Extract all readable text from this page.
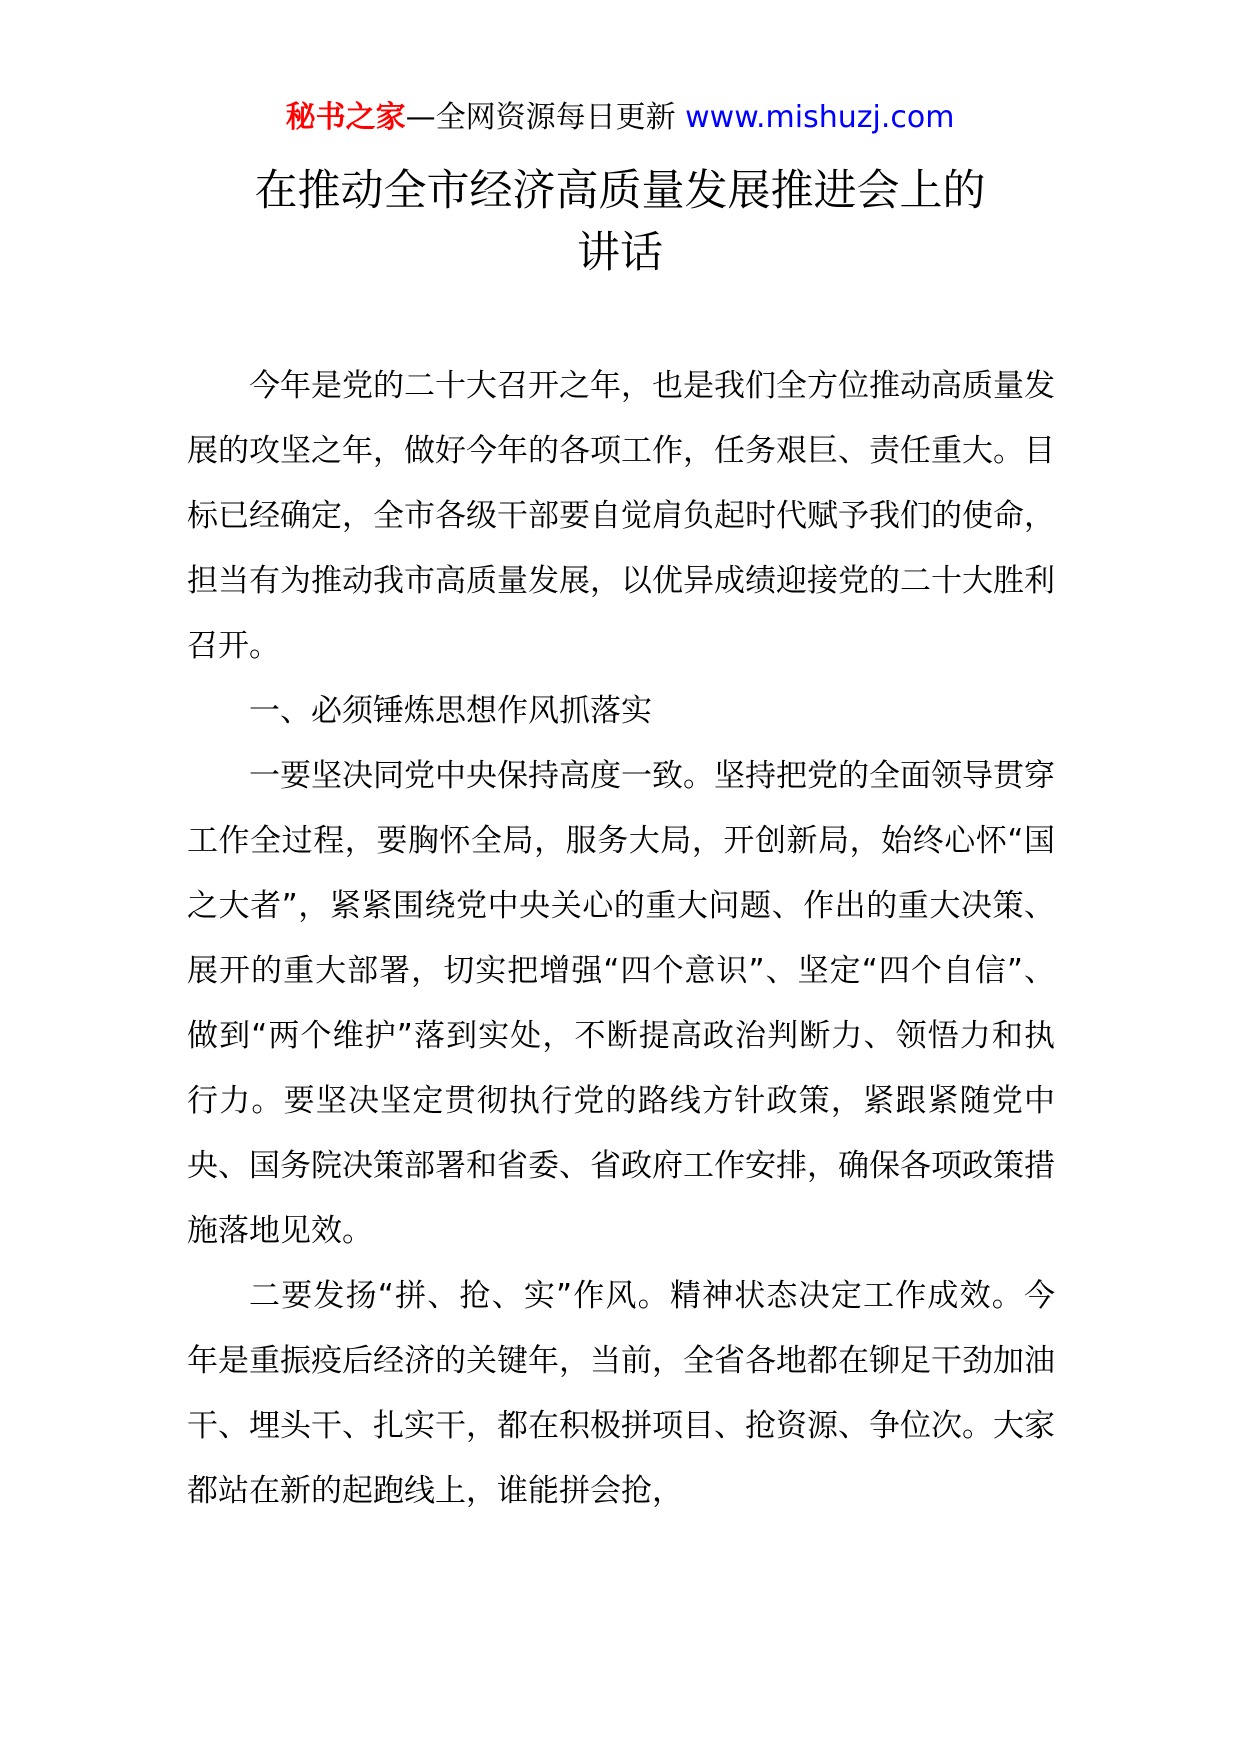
秘书之家—全网资源每日更新 www.mishuzj.com
在推动全市经济高质量发展推进会上的
讲话

今年是党的二十大召开之年，也是我们全方位推动高质量发展的攻坚之年，做好今年的各项工作，任务艰巨、责任重大。目标已经确定，全市各级干部要自觉肩负起时代赋予我们的使命，担当有为推动我市高质量发展，以优异成绩迎接党的二十大胜利召开。

一、必须锤炼思想作风抓落实

一要坚决同党中央保持高度一致。坚持把党的全面领导贯穿工作全过程，要胸怀全局，服务大局，开创新局，始终心怀“国之大者”，紧紧围绕党中央关心的重大问题、作出的重大决策、展开的重大部署，切实把增强“四个意识”、坚定“四个自信”、做到“两个维护”落到实处，不断提高政治判断力、领悟力和执行力。要坚决坚定贯彻执行党的路线方针政策，紧跟紧随党中央、国务院决策部署和省委、省政府工作安排，确保各项政策措施落地见效。

二要发扬“拼、抢、实”作风。精神状态决定工作成效。今年是重振疫后经济的关键年，当前，全省各地都在铆足干劲加油干、埋头干、扎实干，都在积极拼项目、抢资源、争位次。大家都站在新的起跑线上，谁能拼会抢，
